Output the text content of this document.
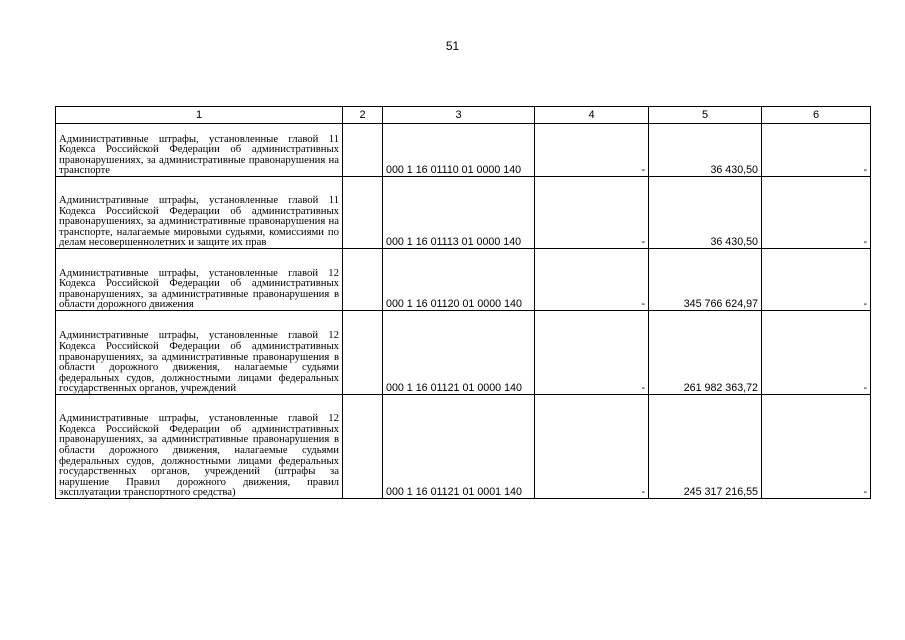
51
1	2	3	4	5	6
Административные штрафы, установленные главой 11 Кодекса Российской Федерации об административных правонарушениях, за административные правонарушения на транспорте		000 1 16 01110 01 0000 140	-	36 430,50	-
Административные штрафы, установленные главой 11 Кодекса Российской Федерации об административных правонарушениях, за административные правонарушения на транспорте, налагаемые мировыми судьями, комиссиями по делам несовершеннолетних и защите их прав		000 1 16 01113 01 0000 140	-	36 430,50	-
Административные штрафы, установленные главой 12 Кодекса Российской Федерации об административных правонарушениях, за административные правонарушения в области дорожного движения		000 1 16 01120 01 0000 140	-	345 766 624,97	-
Административные штрафы, установленные главой 12 Кодекса Российской Федерации об административных правонарушениях, за административные правонарушения в области дорожного движения, налагаемые судьями федеральных судов, должностными лицами федеральных государственных органов, учреждений		000 1 16 01121 01 0000 140	-	261 982 363,72	-
Административные штрафы, установленные главой 12 Кодекса Российской Федерации об административных правонарушениях, за административные правонарушения в области дорожного движения, налагаемые судьями федеральных судов, должностными лицами федеральных государственных органов, учреждений (штрафы за нарушение Правил дорожного движения, правил эксплуатации транспортного средства)		000 1 16 01121 01 0001 140	-	245 317 216,55	-
